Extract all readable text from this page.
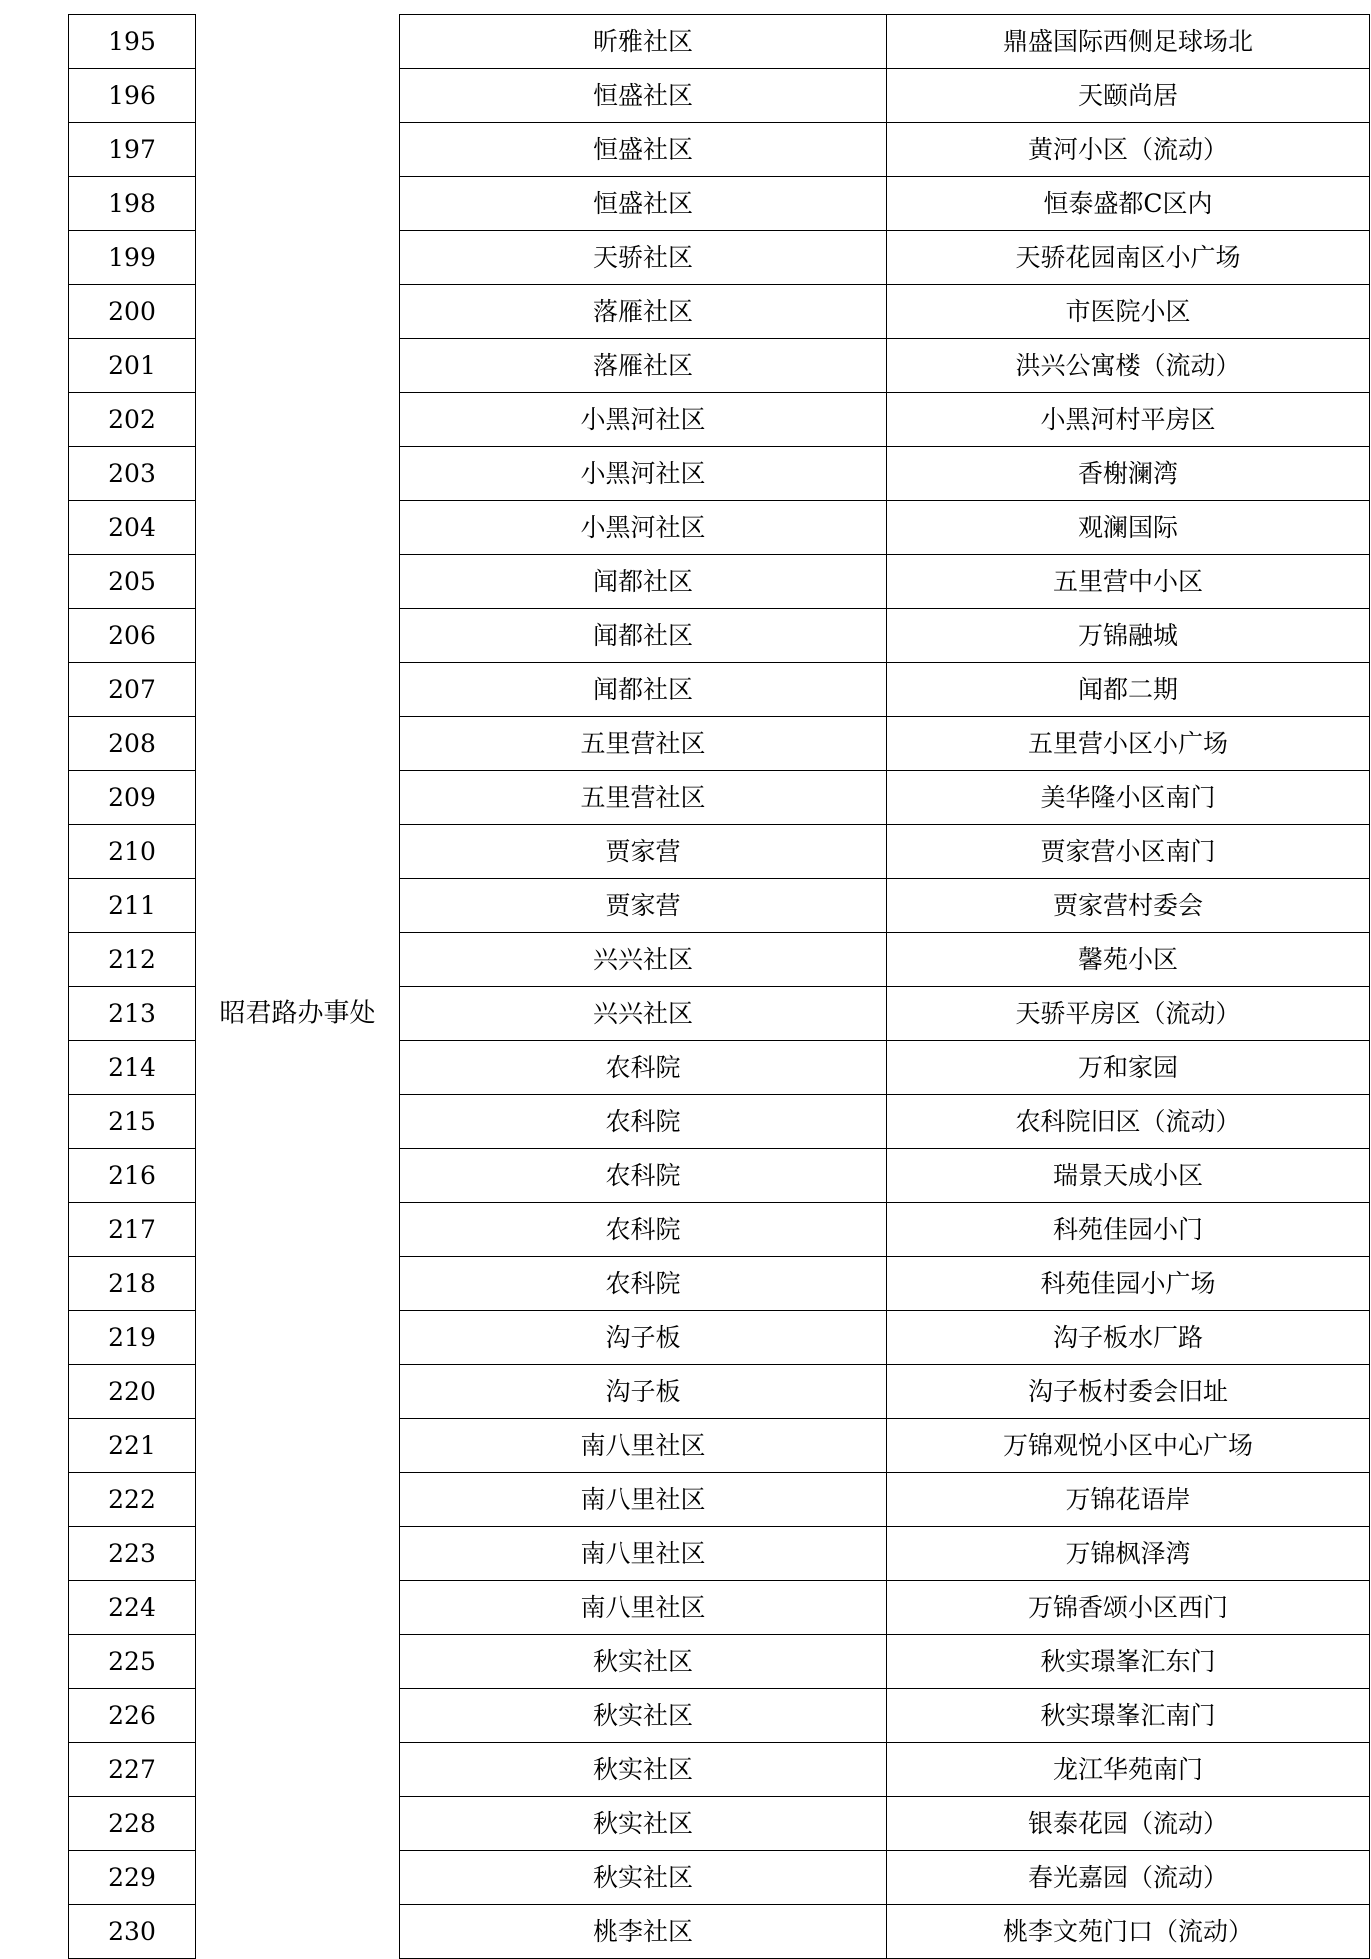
195		昕雅社区	鼎盛国际西侧足球场北
196		恒盛社区	天颐尚居
197		恒盛社区	黄河小区（流动）
198		恒盛社区	恒泰盛都C区内
199		天骄社区	天骄花园南区小广场
200		落雁社区	市医院小区
201		落雁社区	洪兴公寓楼（流动）
202		小黑河社区	小黑河村平房区
203		小黑河社区	香榭澜湾
204		小黑河社区	观澜国际
205		闻都社区	五里营中小区
206		闻都社区	万锦融城
207		闻都社区	闻都二期
208		五里营社区	五里营小区小广场
209		五里营社区	美华隆小区南门
210		贾家营	贾家营小区南门
211		贾家营	贾家营村委会
212		兴兴社区	馨苑小区
213	昭君路办事处	兴兴社区	天骄平房区（流动）
214		农科院	万和家园
215		农科院	农科院旧区（流动）
216		农科院	瑞景天成小区
217		农科院	科苑佳园小门
218		农科院	科苑佳园小广场
219		沟子板	沟子板水厂路
220		沟子板	沟子板村委会旧址
221		南八里社区	万锦观悦小区中心广场
222		南八里社区	万锦花语岸
223		南八里社区	万锦枫泽湾
224		南八里社区	万锦香颂小区西门
225		秋实社区	秋实璟峯汇东门
226		秋实社区	秋实璟峯汇南门
227		秋实社区	龙江华苑南门
228		秋实社区	银泰花园（流动）
229		秋实社区	春光嘉园（流动）
230		桃李社区	桃李文苑门口（流动）
